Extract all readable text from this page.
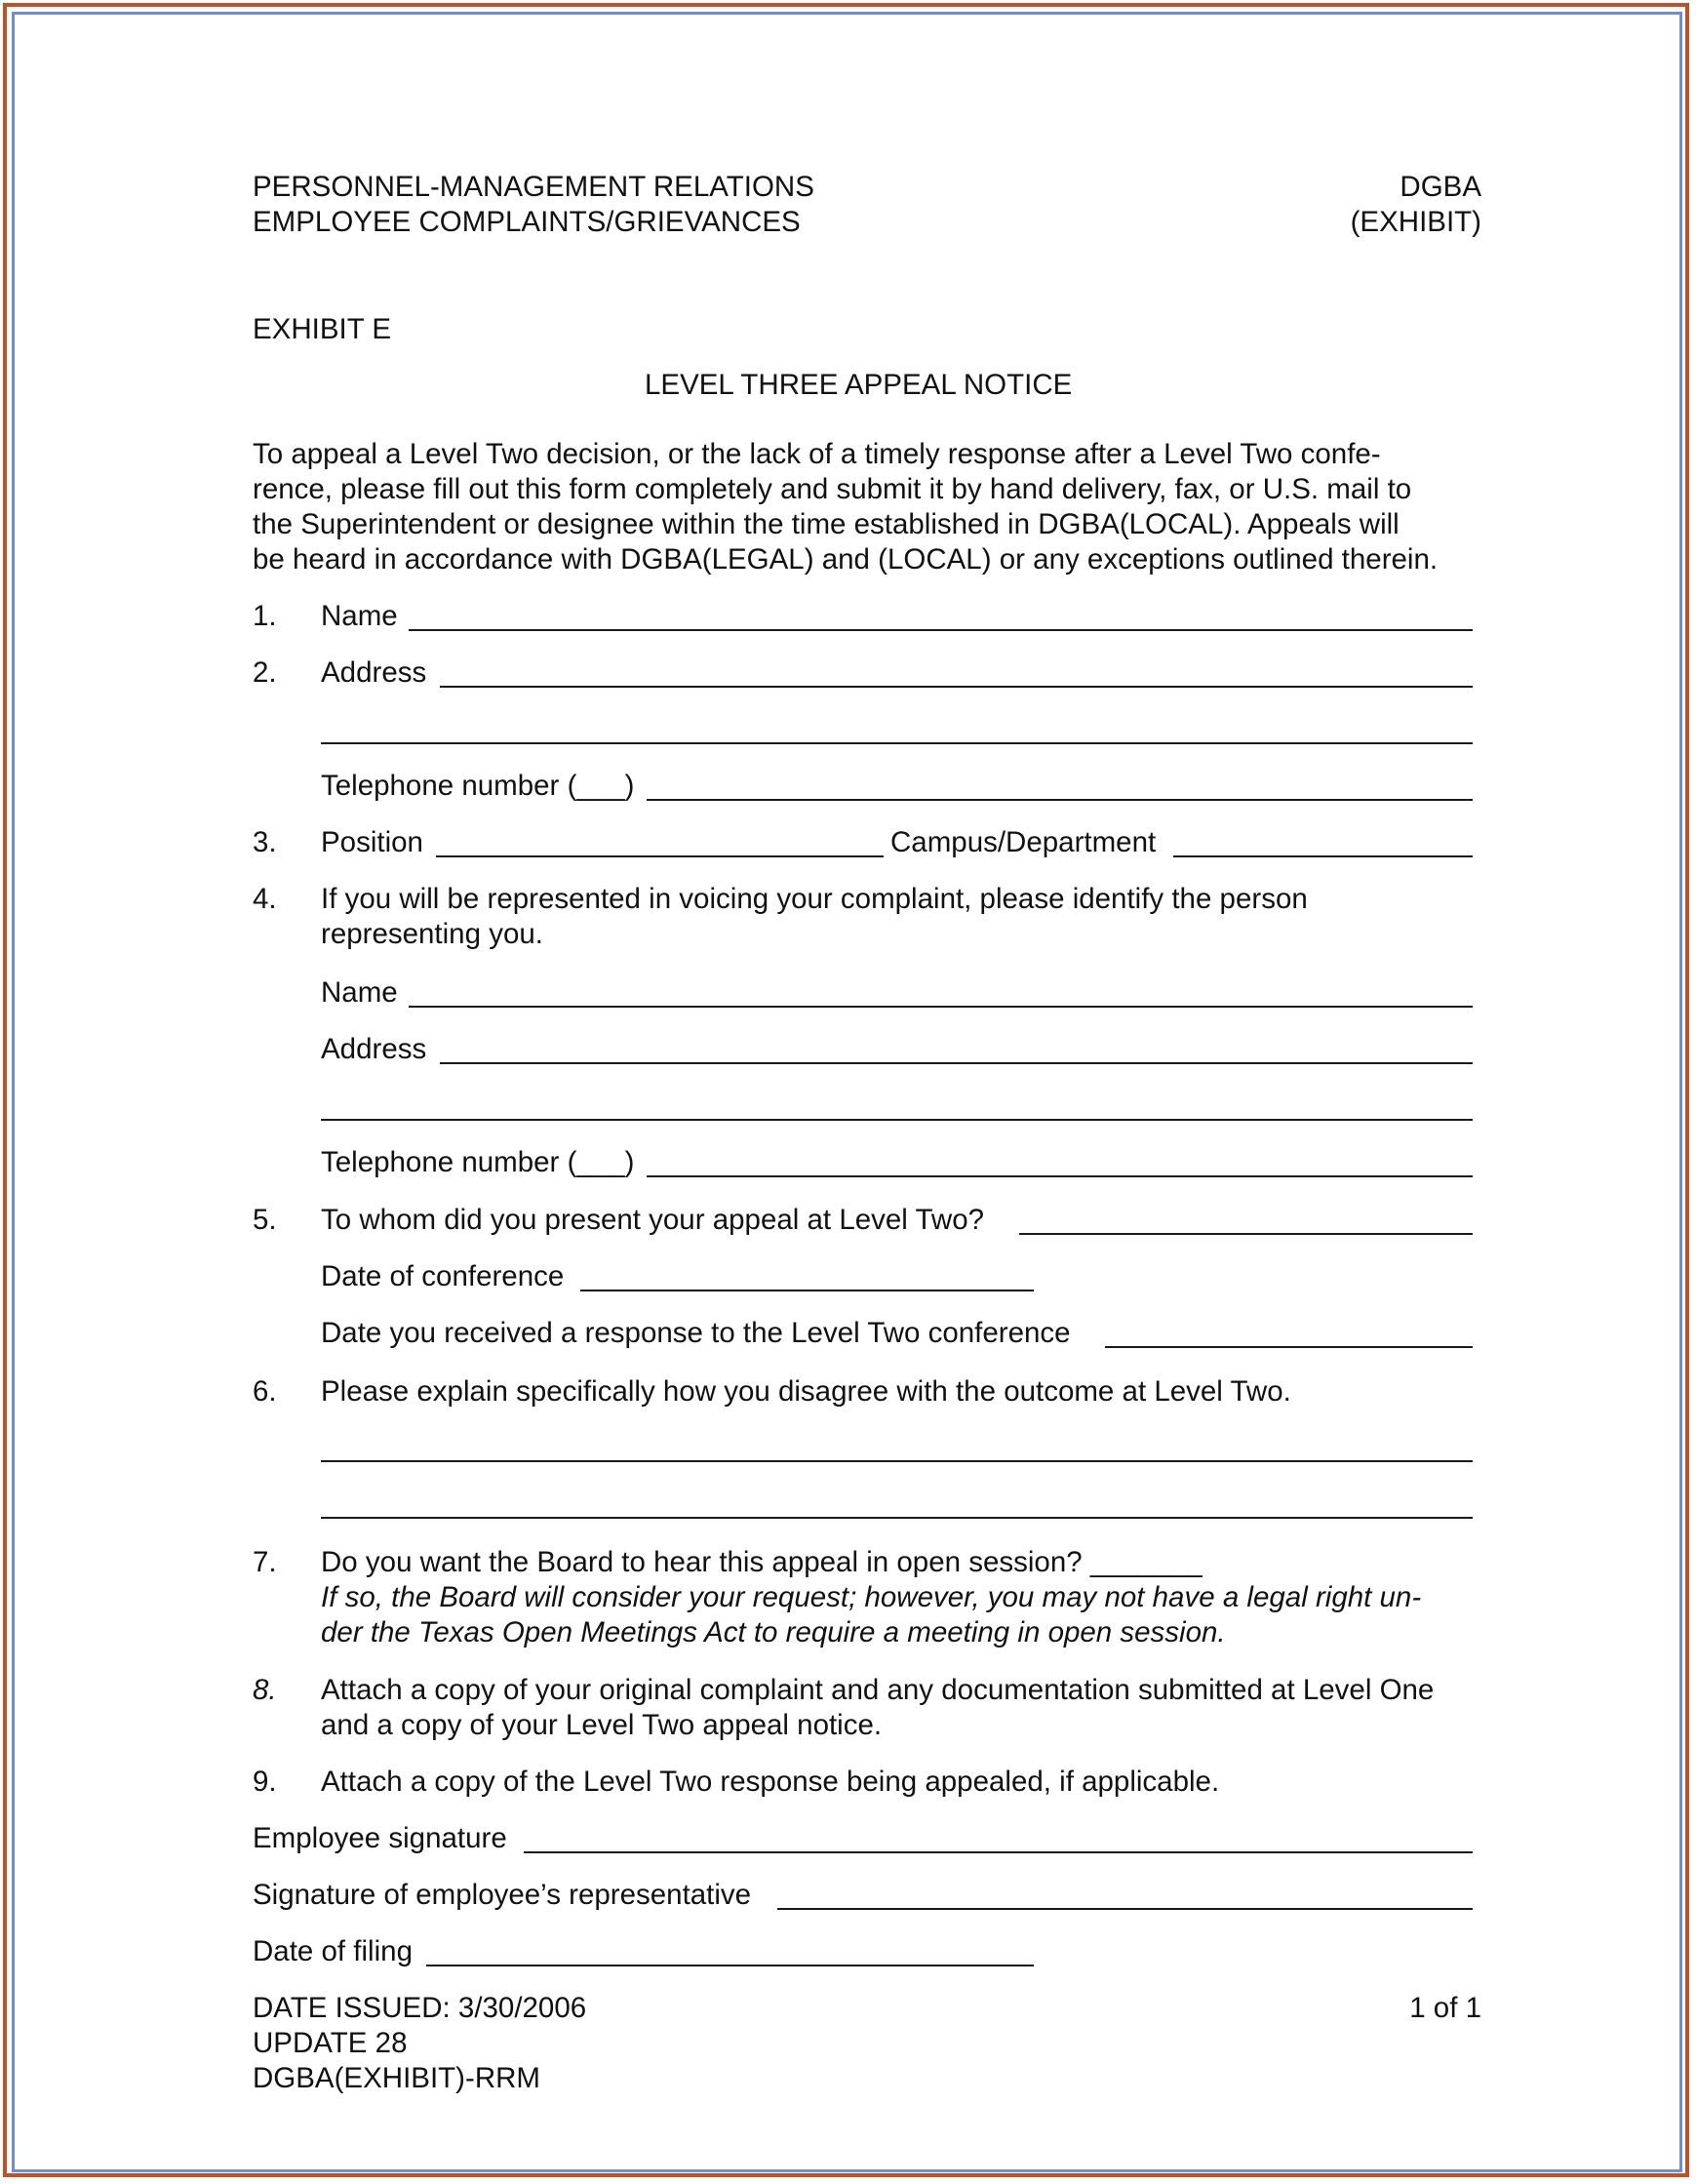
PERSONNEL-MANAGEMENT RELATIONS
EMPLOYEE COMPLAINTS/GRIEVANCES
DGBA
(EXHIBIT)
EXHIBIT E
LEVEL THREE APPEAL NOTICE
To appeal a Level Two decision, or the lack of a timely response after a Level Two confe-
rence, please fill out this form completely and submit it by hand delivery, fax, or U.S. mail to
the Superintendent or designee within the time established in DGBA(LOCAL). Appeals will
be heard in accordance with DGBA(LEGAL) and (LOCAL) or any exceptions outlined therein.
1. Name
2. Address
Telephone number (___)
3. Position	Campus/Department
4. If you will be represented in voicing your complaint, please identify the person
representing you.
Name
Address
Telephone number (___)
5. To whom did you present your appeal at Level Two?
Date of conference
Date you received a response to the Level Two conference
6. Please explain specifically how you disagree with the outcome at Level Two.
7. Do you want the Board to hear this appeal in open session? _______
If so, the Board will consider your request; however, you may not have a legal right un-
der the Texas Open Meetings Act to require a meeting in open session.
8. Attach a copy of your original complaint and any documentation submitted at Level One
and a copy of your Level Two appeal notice.
9. Attach a copy of the Level Two response being appealed, if applicable.
Employee signature
Signature of employee’s representative
Date of filing
DATE ISSUED: 3/30/2006
UPDATE 28
DGBA(EXHIBIT)-RRM
1 of 1
